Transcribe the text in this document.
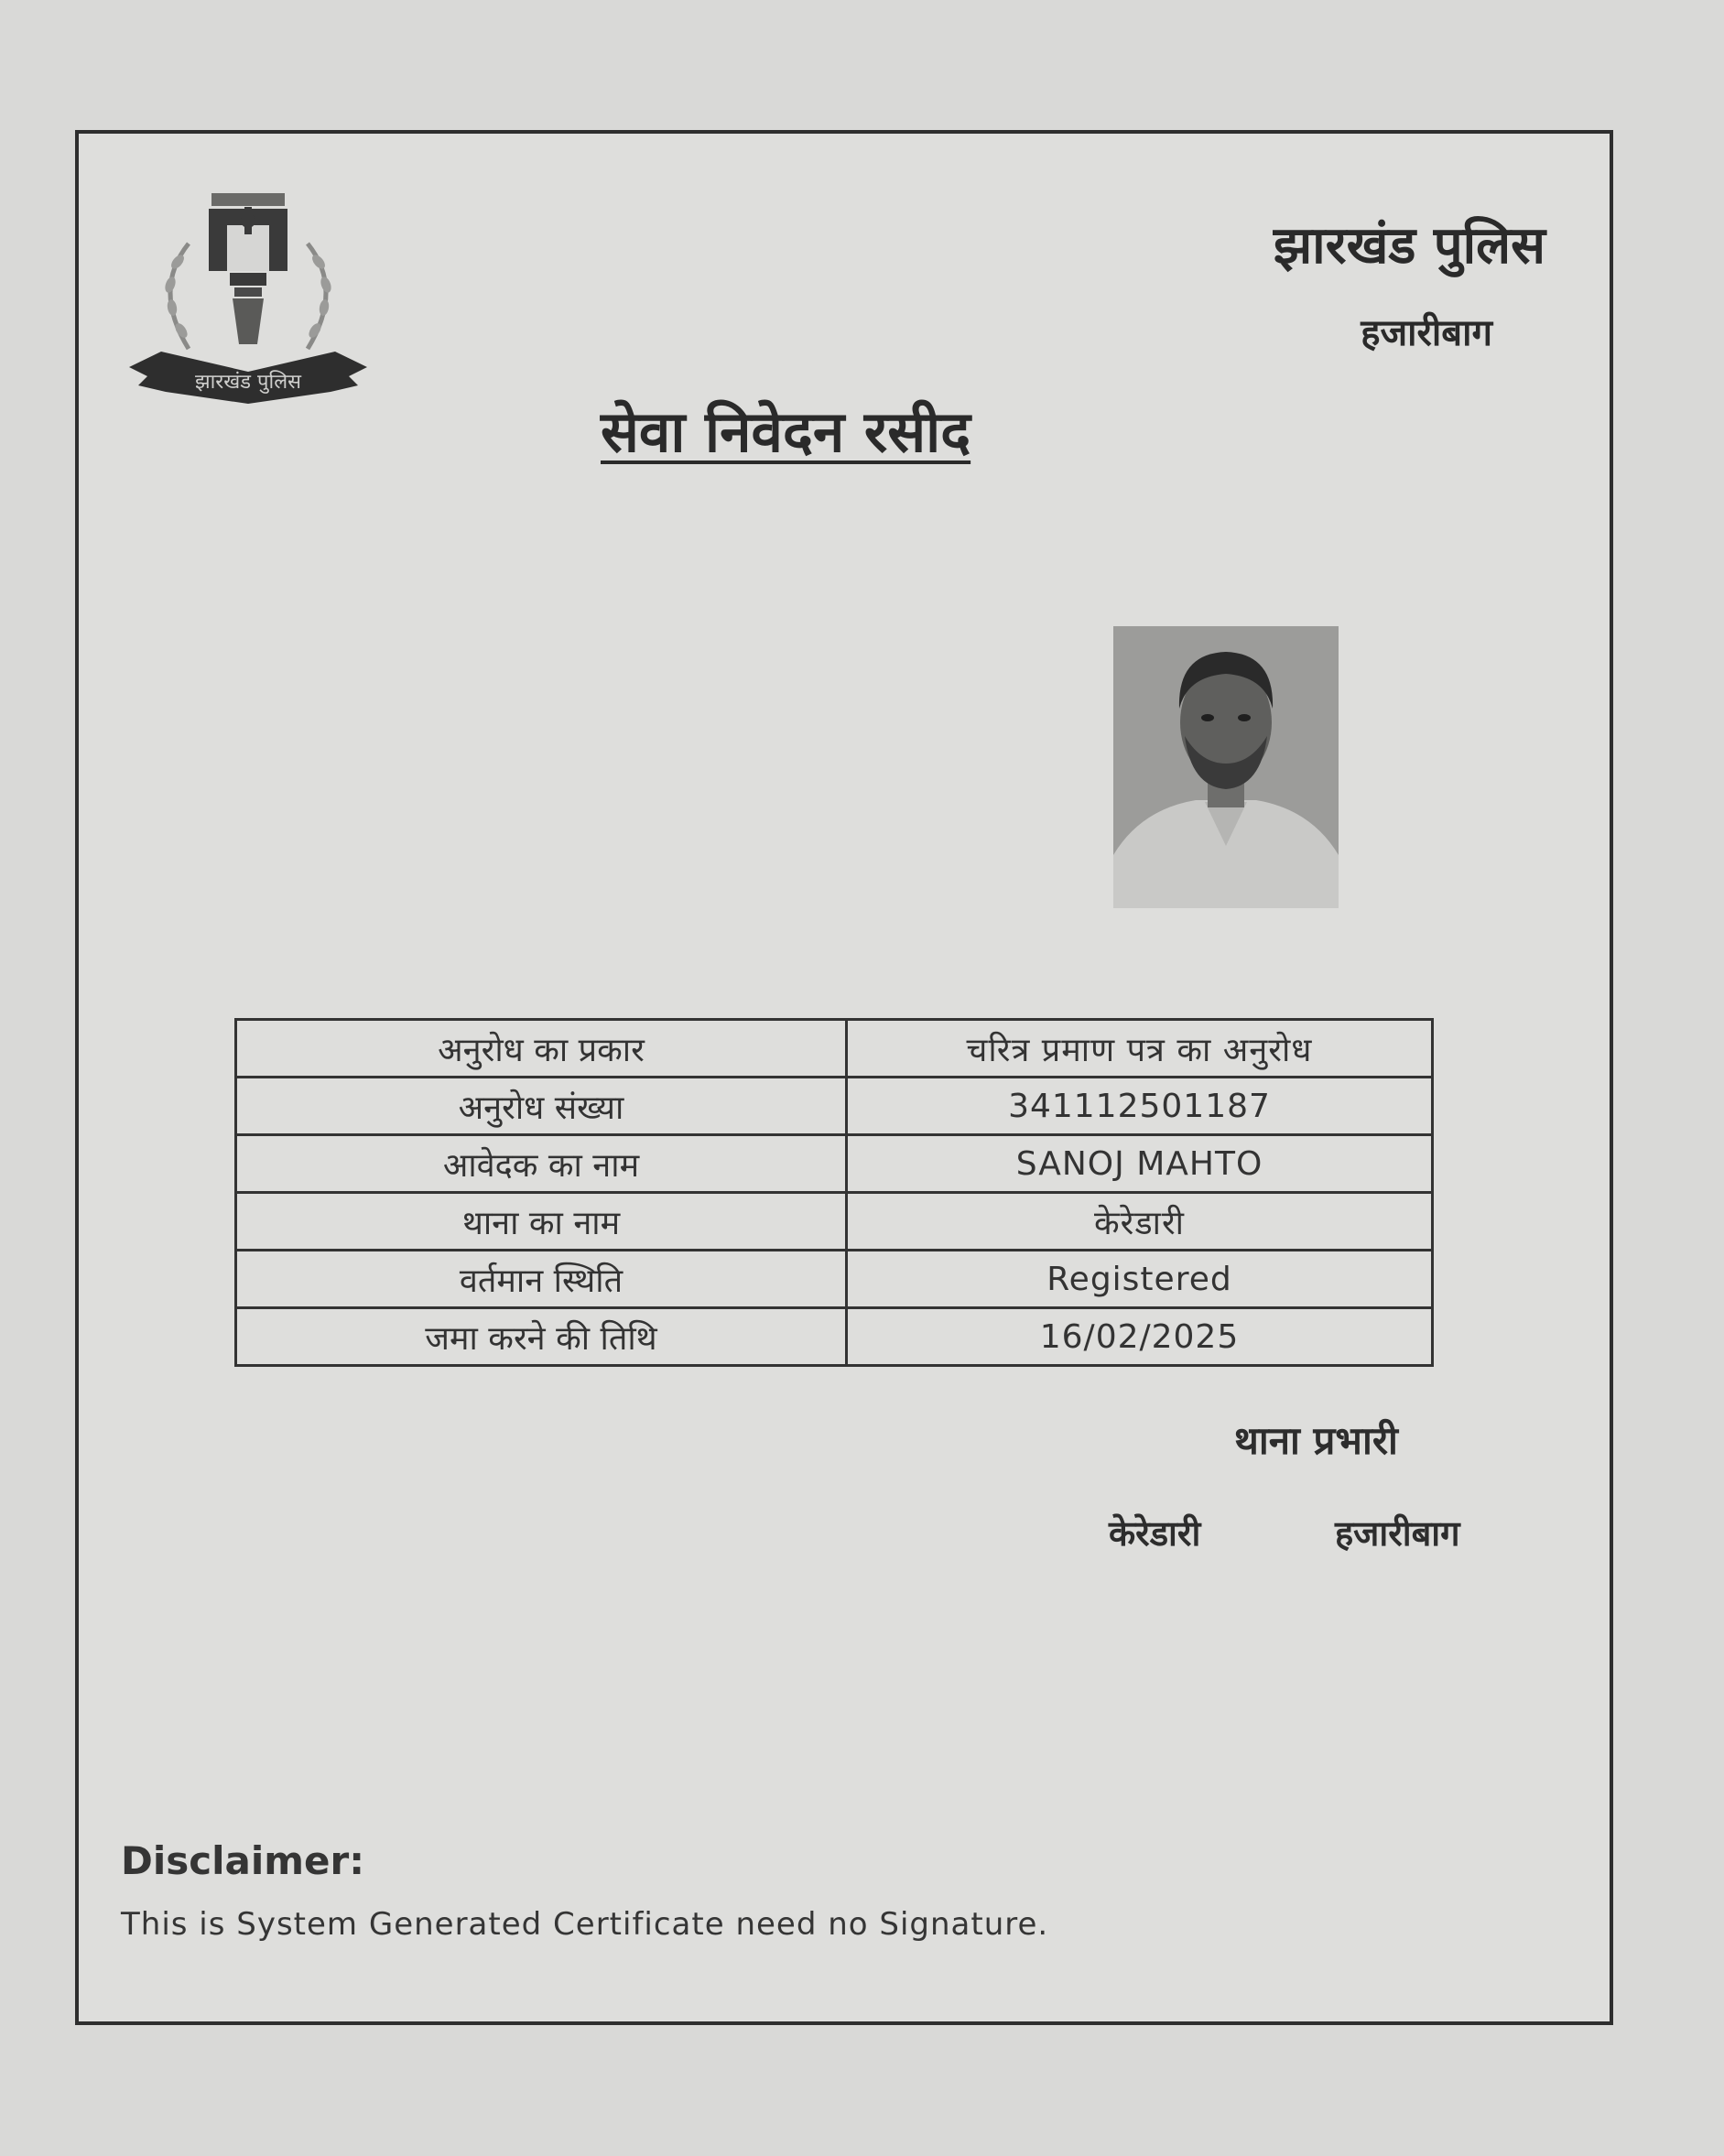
झारखंड पुलिस
झारखंड पुलिस
हजारीबाग
सेवा निवेदन रसीद
अनुरोध का प्रकार	चरित्र प्रमाण पत्र का अनुरोध
अनुरोध संख्या	341112501187
आवेदक का नाम	SANOJ MAHTO
थाना का नाम	केरेडारी
वर्तमान स्थिति	Registered
जमा करने की तिथि	16/02/2025
थाना प्रभारी
केरेडारी	हजारीबाग
Disclaimer:
This is System Generated Certificate need no Signature.
